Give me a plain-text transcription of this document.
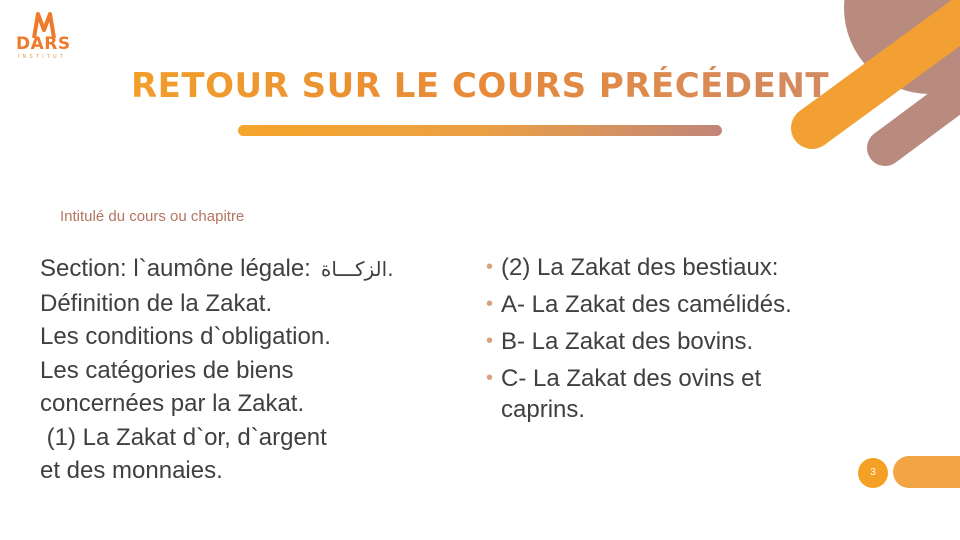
DARS
INSTITUT
RETOUR SUR LE COURS PRÉCÉDENT
Intitulé du cours ou chapitre
Section: l`aumône légale: .الزكـــاة
Définition de la Zakat.
Les conditions d`obligation.
Les catégories de biens
concernées par la Zakat.
(1) La Zakat d`or, d`argent
et des monnaies.
• (2) La Zakat des bestiaux:
• A- La Zakat des camélidés.
• B- La Zakat des bovins.
• C- La Zakat des ovins et caprins.
3
